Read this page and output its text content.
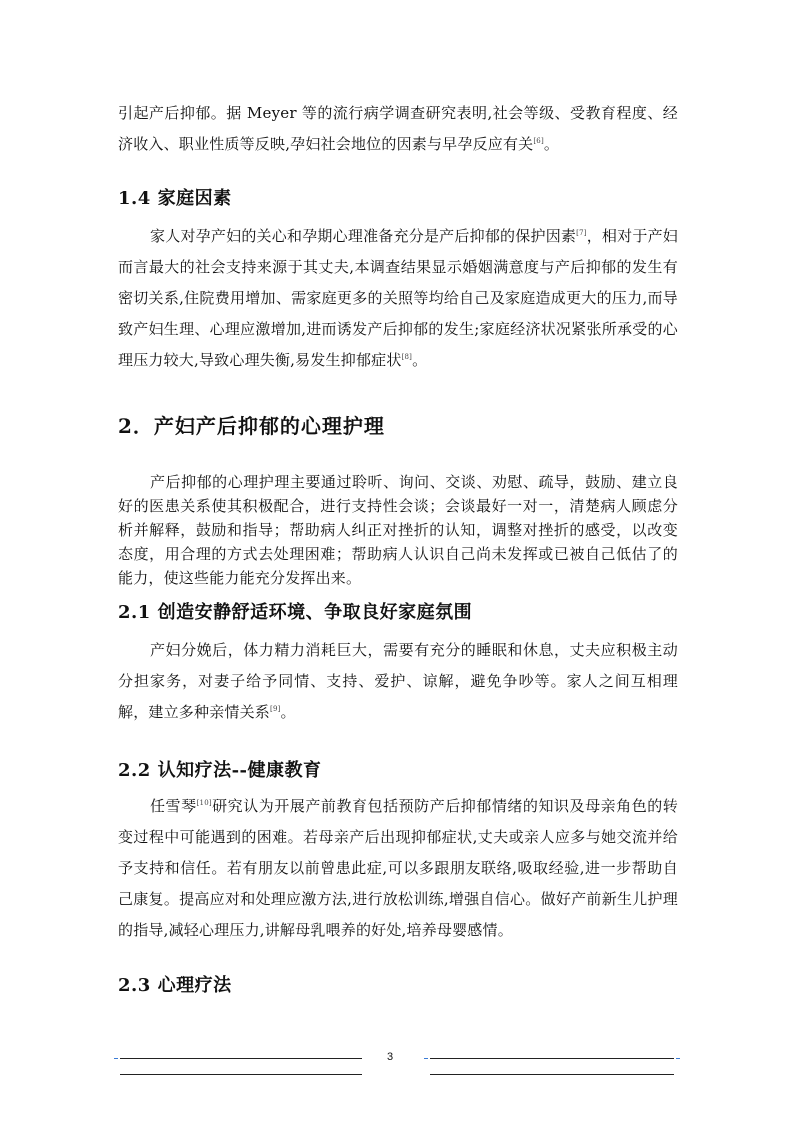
引起产后抑郁。据 Meyer 等的流行病学调查研究表明,社会等级、受教育程度、经济收入、职业性质等反映,孕妇社会地位的因素与早孕反应有关[6]。

1.4 家庭因素

家人对孕产妇的关心和孕期心理准备充分是产后抑郁的保护因素[7]，相对于产妇而言最大的社会支持来源于其丈夫,本调查结果显示婚姻满意度与产后抑郁的发生有密切关系,住院费用增加、需家庭更多的关照等均给自己及家庭造成更大的压力,而导致产妇生理、心理应激增加,进而诱发产后抑郁的发生;家庭经济状况紧张所承受的心理压力较大,导致心理失衡,易发生抑郁症状[8]。

2．产妇产后抑郁的心理护理

产后抑郁的心理护理主要通过聆听、询问、交谈、劝慰、疏导，鼓励、建立良好的医患关系使其积极配合，进行支持性会谈；会谈最好一对一，清楚病人顾虑分析并解释，鼓励和指导；帮助病人纠正对挫折的认知，调整对挫折的感受，以改变态度，用合理的方式去处理困难；帮助病人认识自己尚未发挥或已被自己低估了的能力，使这些能力能充分发挥出来。

2.1 创造安静舒适环境、争取良好家庭氛围

产妇分娩后，体力精力消耗巨大，需要有充分的睡眠和休息，丈夫应积极主动分担家务，对妻子给予同情、支持、爱护、谅解，避免争吵等。家人之间互相理解，建立多种亲情关系[9]。

2.2 认知疗法--健康教育

任雪琴[10]研究认为开展产前教育包括预防产后抑郁情绪的知识及母亲角色的转变过程中可能遇到的困难。若母亲产后出现抑郁症状,丈夫或亲人应多与她交流并给予支持和信任。若有朋友以前曾患此症,可以多跟朋友联络,吸取经验,进一步帮助自己康复。提高应对和处理应激方法,进行放松训练,增强自信心。做好产前新生儿护理的指导,减轻心理压力,讲解母乳喂养的好处,培养母婴感情。

2.3 心理疗法
3
